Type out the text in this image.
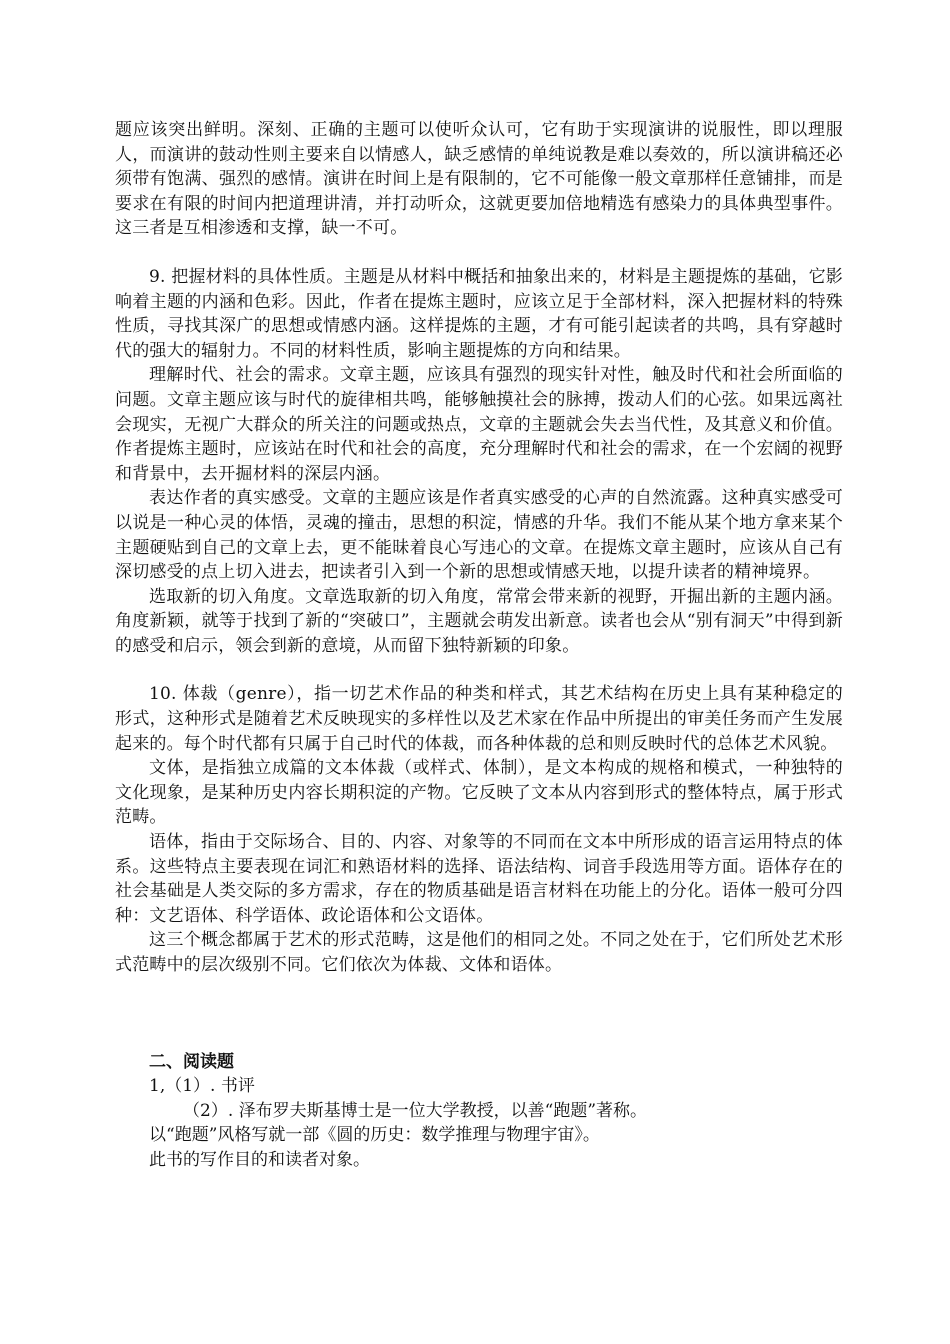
题应该突出鲜明。深刻、正确的主题可以使听众认可，它有助于实现演讲的说服性，即以理服人，而演讲的鼓动性则主要来自以情感人，缺乏感情的单纯说教是难以奏效的，所以演讲稿还必须带有饱满、强烈的感情。演讲在时间上是有限制的，它不可能像一般文章那样任意铺排，而是要求在有限的时间内把道理讲清，并打动听众，这就更要加倍地精选有感染力的具体典型事件。这三者是互相渗透和支撑，缺一不可。

9. 把握材料的具体性质。主题是从材料中概括和抽象出来的，材料是主题提炼的基础，它影响着主题的内涵和色彩。因此，作者在提炼主题时，应该立足于全部材料，深入把握材料的特殊性质，寻找其深广的思想或情感内涵。这样提炼的主题，才有可能引起读者的共鸣，具有穿越时代的强大的辐射力。不同的材料性质，影响主题提炼的方向和结果。

理解时代、社会的需求。文章主题，应该具有强烈的现实针对性，触及时代和社会所面临的问题。文章主题应该与时代的旋律相共鸣，能够触摸社会的脉搏，拨动人们的心弦。如果远离社会现实，无视广大群众的所关注的问题或热点，文章的主题就会失去当代性，及其意义和价值。作者提炼主题时，应该站在时代和社会的高度，充分理解时代和社会的需求，在一个宏阔的视野和背景中，去开掘材料的深层内涵。

表达作者的真实感受。文章的主题应该是作者真实感受的心声的自然流露。这种真实感受可以说是一种心灵的体悟，灵魂的撞击，思想的积淀，情感的升华。我们不能从某个地方拿来某个主题硬贴到自己的文章上去，更不能昧着良心写违心的文章。在提炼文章主题时，应该从自己有深切感受的点上切入进去，把读者引入到一个新的思想或情感天地，以提升读者的精神境界。

选取新的切入角度。文章选取新的切入角度，常常会带来新的视野，开掘出新的主题内涵。角度新颖，就等于找到了新的“突破口”，主题就会萌发出新意。读者也会从“别有洞天”中得到新的感受和启示，领会到新的意境，从而留下独特新颖的印象。

10. 体裁（genre），指一切艺术作品的种类和样式，其艺术结构在历史上具有某种稳定的形式，这种形式是随着艺术反映现实的多样性以及艺术家在作品中所提出的审美任务而产生发展起来的。每个时代都有只属于自己时代的体裁，而各种体裁的总和则反映时代的总体艺术风貌。

文体，是指独立成篇的文本体裁（或样式、体制），是文本构成的规格和模式，一种独特的文化现象，是某种历史内容长期积淀的产物。它反映了文本从内容到形式的整体特点，属于形式范畴。

语体，指由于交际场合、目的、内容、对象等的不同而在文本中所形成的语言运用特点的体系。这些特点主要表现在词汇和熟语材料的选择、语法结构、词音手段选用等方面。语体存在的社会基础是人类交际的多方需求，存在的物质基础是语言材料在功能上的分化。语体一般可分四种：文艺语体、科学语体、政论语体和公文语体。

这三个概念都属于艺术的形式范畴，这是他们的相同之处。不同之处在于，它们所处艺术形式范畴中的层次级别不同。它们依次为体裁、文体和语体。

二、阅读题

1,（1）. 书评

（2）. 泽布罗夫斯基博士是一位大学教授，以善“跑题”著称。

以“跑题”风格写就一部《圆的历史：数学推理与物理宇宙》。

此书的写作目的和读者对象。
